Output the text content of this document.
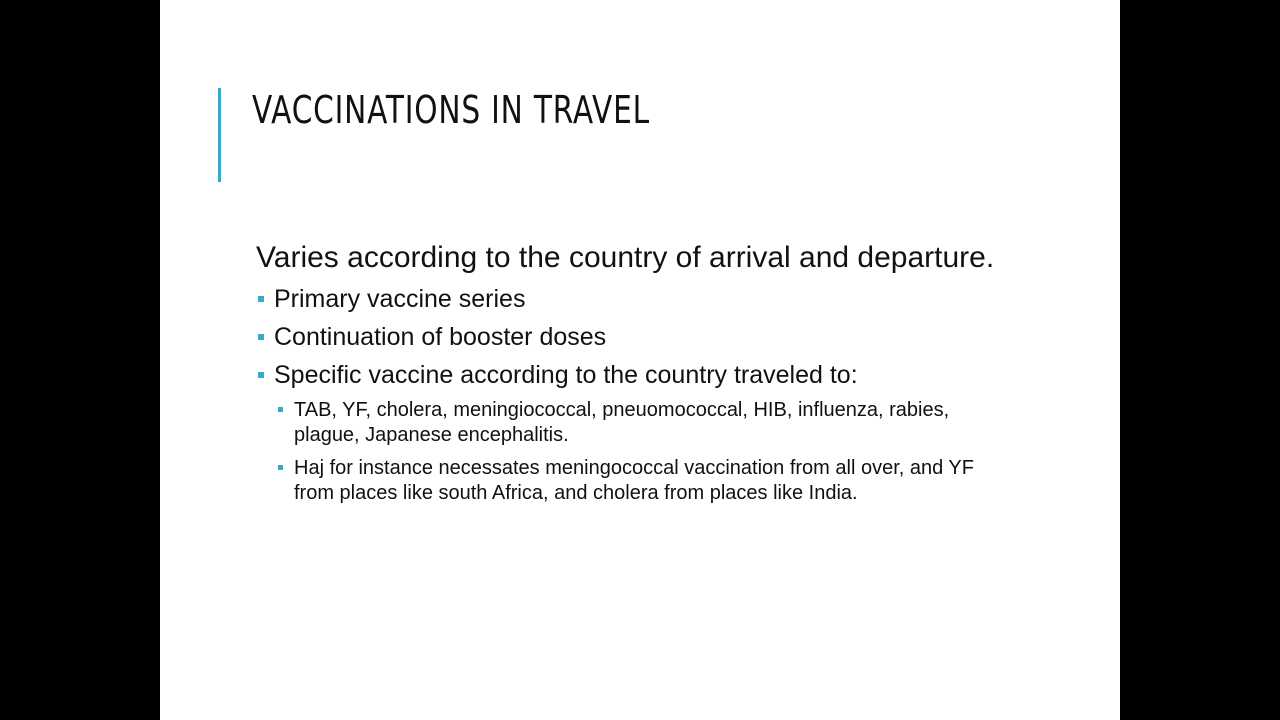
VACCINATIONS IN TRAVEL

Varies according to the country of arrival and departure.

Primary vaccine series
Continuation of booster doses
Specific vaccine according to the country traveled to:
TAB, YF, cholera, meningiococcal, pneuomococcal, HIB, influenza, rabies, plague, Japanese encephalitis.
Haj for instance necessates meningococcal vaccination from all over, and YF from places like south Africa, and cholera from places like India.
